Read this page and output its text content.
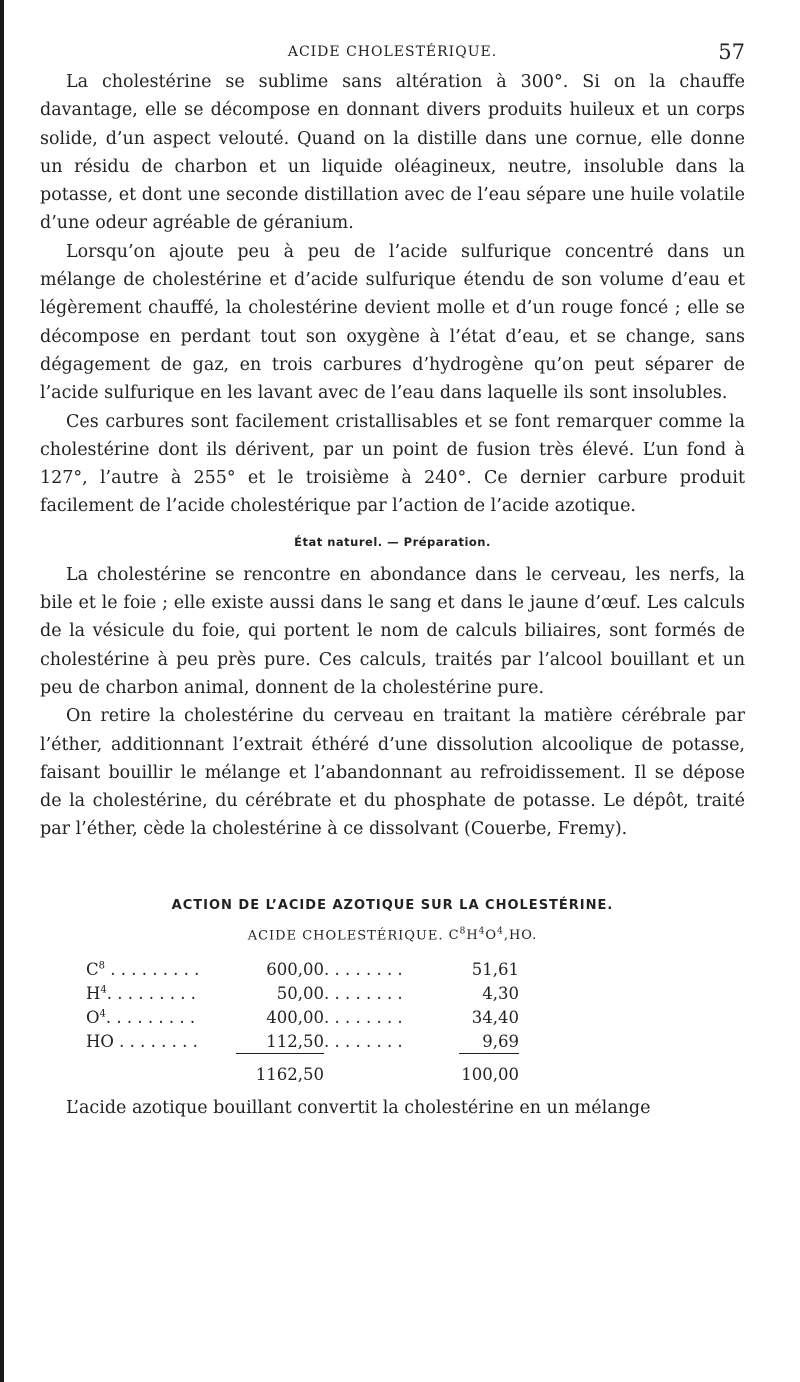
ACIDE CHOLESTÉRIQUE.	57

La cholestérine se sublime sans altération à 300°. Si on la chauffe davantage, elle se décompose en donnant divers produits huileux et un corps solide, d’un aspect velouté. Quand on la distille dans une cornue, elle donne un résidu de charbon et un liquide oléagineux, neutre, insoluble dans la potasse, et dont une seconde distillation avec de l’eau sépare une huile volatile d’une odeur agréable de géranium.

Lorsqu’on ajoute peu à peu de l’acide sulfurique concentré dans un mélange de cholestérine et d’acide sulfurique étendu de son volume d’eau et légèrement chauffé, la cholestérine devient molle et d’un rouge foncé ; elle se décompose en perdant tout son oxygène à l’état d’eau, et se change, sans dégagement de gaz, en trois carbures d’hydrogène qu’on peut séparer de l’acide sulfurique en les lavant avec de l’eau dans laquelle ils sont insolubles.

Ces carbures sont facilement cristallisables et se font remarquer comme la cholestérine dont ils dérivent, par un point de fusion très élevé. L’un fond à 127°, l’autre à 255° et le troisième à 240°. Ce dernier carbure produit facilement de l’acide cholestérique par l’action de l’acide azotique.

État naturel. — Préparation.

La cholestérine se rencontre en abondance dans le cerveau, les nerfs, la bile et le foie ; elle existe aussi dans le sang et dans le jaune d’œuf. Les calculs de la vésicule du foie, qui portent le nom de calculs biliaires, sont formés de cholestérine à peu près pure. Ces calculs, traités par l’alcool bouillant et un peu de charbon animal, donnent de la cholestérine pure.

On retire la cholestérine du cerveau en traitant la matière cérébrale par l’éther, additionnant l’extrait éthéré d’une dissolution alcoolique de potasse, faisant bouillir le mélange et l’abandonnant au refroidissement. Il se dépose de la cholestérine, du cérébrate et du phosphate de potasse. Le dépôt, traité par l’éther, cède la cholestérine à ce dissolvant (Couerbe, Fremy).

ACTION DE L’ACIDE AZOTIQUE SUR LA CHOLESTÉRINE.
ACIDE CHOLESTÉRIQUE. $C^8H^4O^4,HO$.
$C^8$ . . . . . . . . .	600,00	. . . . . . . .	51,61
$H^4$. . . . . . . . .	50,00	. . . . . . . .	4,30
$O^4$. . . . . . . . .	400,00	. . . . . . . .	34,40
HO . . . . . . . .	112,50	. . . . . . . .	9,69
	1162,50		100,00

L’acide azotique bouillant convertit la cholestérine en un mélange
